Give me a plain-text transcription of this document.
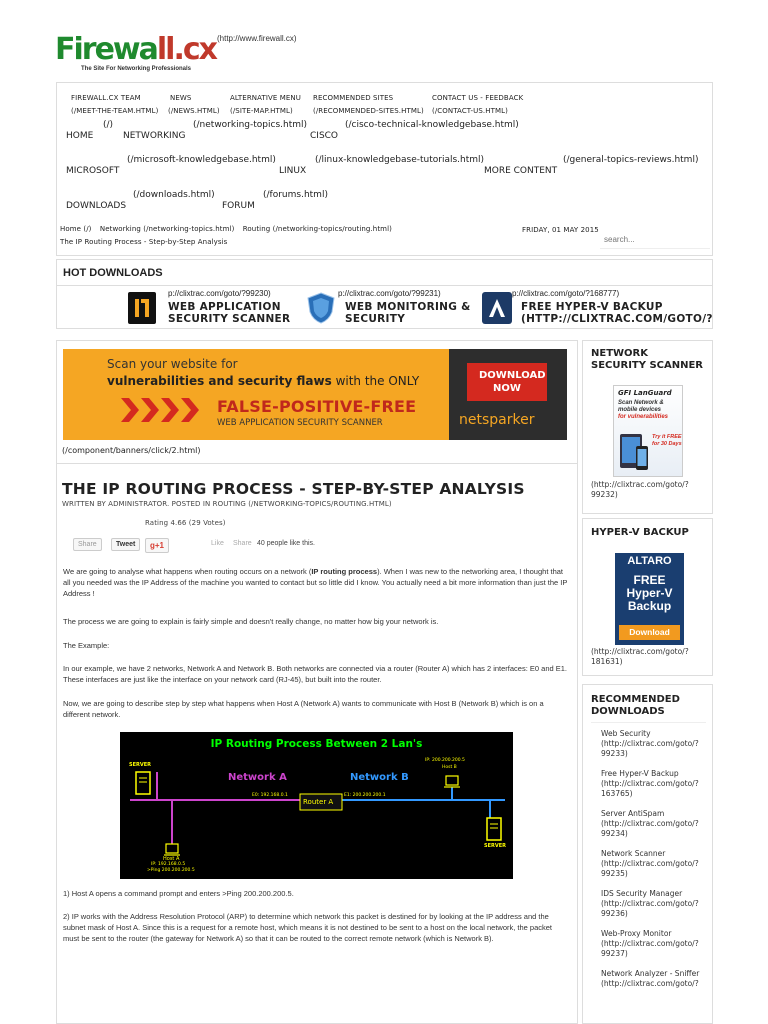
Firewall.cx
The Site For Networking Professionals
(http://www.firewall.cx)
FIREWALL.CX TEAM
(/MEET-THE-TEAM.HTML)
NEWS
(/NEWS.HTML)
ALTERNATIVE MENU
(/SITE-MAP.HTML)
RECOMMENDED SITES
(/RECOMMENDED-SITES.HTML)
CONTACT US - FEEDBACK
(/CONTACT-US.HTML)
(/)
HOME	NETWORKING
(/networking-topics.html)
CISCO
(/cisco-technical-knowledgebase.html)
(/microsoft-knowledgebase.html)
MICROSOFT
(/linux-knowledgebase-tutorials.html)
LINUX
(/general-topics-reviews.html)
MORE CONTENT
(/downloads.html)
DOWNLOADS
(/forums.html)
FORUM
Home (/) Networking (/networking-topics.html) Routing (/networking-topics/routing.html)
The IP Routing Process - Step-by-Step Analysis
FRIDAY, 01 MAY 2015
search...
HOT DOWNLOADS
p://clixtrac.com/goto/?99230)
WEB APPLICATION
SECURITY SCANNER
p://clixtrac.com/goto/?99231)
WEB MONITORING &
SECURITY
p://clixtrac.com/goto/?168777)
FREE HYPER-V BACKUP
(HTTP://CLIXTRAC.COM/GOTO/?
Scan your website for
vulnerabilities and security flaws with the ONLY
FALSE-POSITIVE-FREE
WEB APPLICATION SECURITY SCANNER
DOWNLOAD NOW
netsparker
(/component/banners/click/2.html)
THE IP ROUTING PROCESS - STEP-BY-STEP ANALYSIS
WRITTEN BY ADMINISTRATOR. POSTED IN ROUTING (/NETWORKING-TOPICS/ROUTING.HTML)
Rating 4.66 (29 Votes)
Share	Tweet	g+1	Like Share 40 people like this.
We are going to analyse what happens when routing occurs on a network (IP routing process). When I was new to the networking area, I thought that all you needed was the IP Address of the machine you wanted to contact but so little did I know. You actually need a bit more information than just the IP Address !
The process we are going to explain is fairly simple and doesn't really change, no matter how big your network is.
The Example:
In our example, we have 2 networks, Network A and Network B. Both networks are connected via a router (Router A) which has 2 interfaces: E0 and E1. These interfaces are just like the interface on your network card (RJ-45), but built into the router.
Now, we are going to describe step by step what happens when Host A (Network A) wants to communicate with Host B (Network B) which is on a different network.
IP Routing Process Between 2 Lan's
Network A	Network B
Router A
E0: 192.168.0.1	E1: 200.200.200.1
SERVER
SERVER
IP: 200.200.200.5
Host B
Host A
IP: 192.168.0.5
>Ping 200.200.200.5
1) Host A opens a command prompt and enters >Ping 200.200.200.5.
2) IP works with the Address Resolution Protocol (ARP) to determine which network this packet is destined for by looking at the IP address and the subnet mask of Host A. Since this is a request for a remote host, which means it is not destined to be sent to a host on the local network, the packet must be sent to the router (the gateway for Network A) so that it can be routed to the correct remote network (which is Network B).
NETWORK SECURITY SCANNER
GFI LanGuard
Scan Network &
mobile devices
for vulnerabilities
Try it FREE for 30 Days
(http://clixtrac.com/goto/?99232)
HYPER-V BACKUP
ALTARO
FREE
Hyper-V
Backup
Download
(http://clixtrac.com/goto/?181631)
RECOMMENDED DOWNLOADS
Web Security
(http://clixtrac.com/goto/?99233)
Free Hyper-V Backup
(http://clixtrac.com/goto/?163765)
Server AntiSpam
(http://clixtrac.com/goto/?99234)
Network Scanner
(http://clixtrac.com/goto/?99235)
IDS Security Manager
(http://clixtrac.com/goto/?99236)
Web-Proxy Monitor
(http://clixtrac.com/goto/?99237)
Network Analyzer - Sniffer
(http://clixtrac.com/goto/?
